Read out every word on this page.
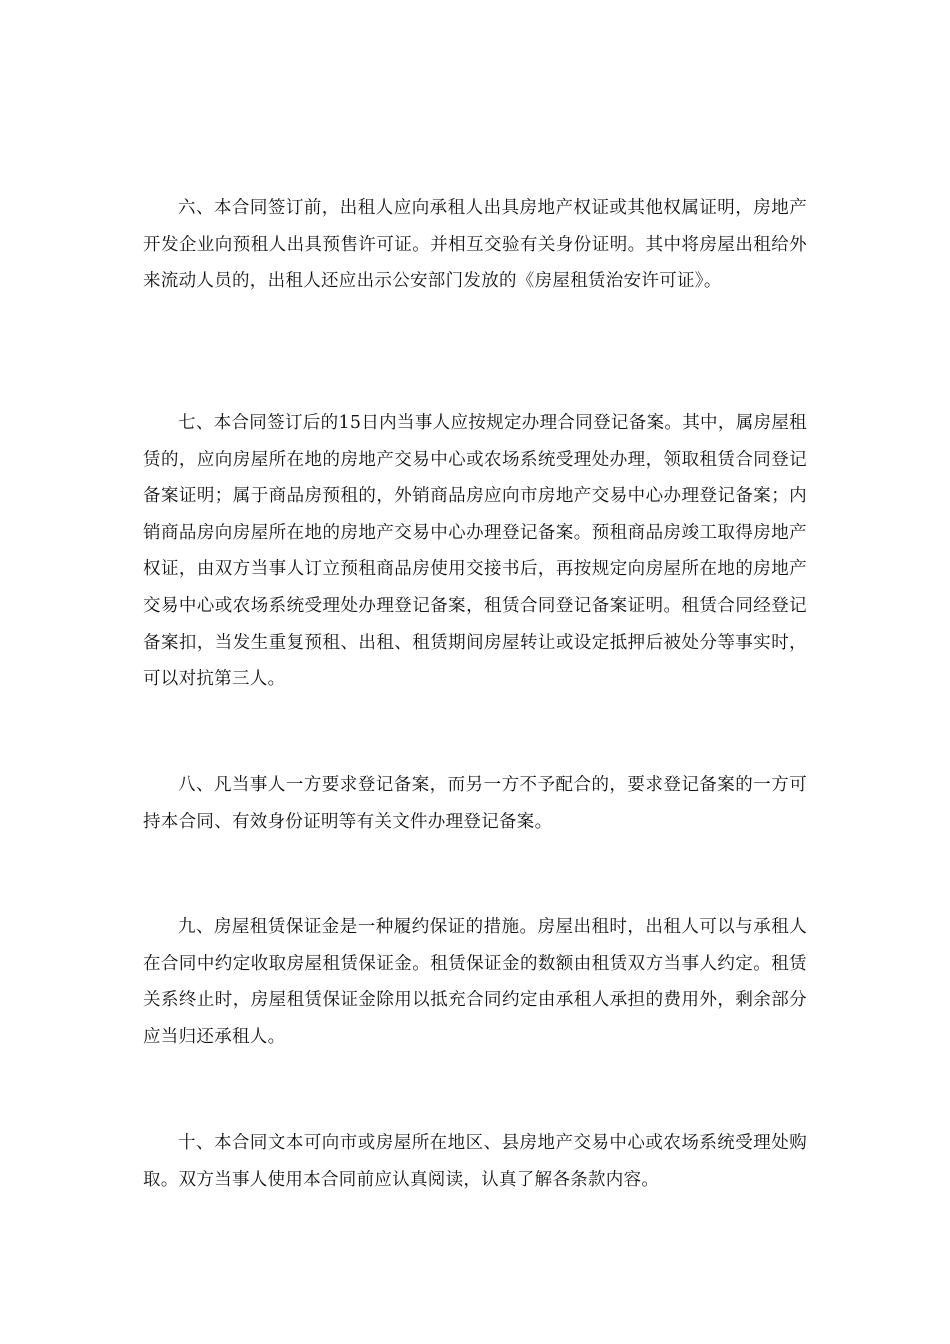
六、本合同签订前，出租人应向承租人出具房地产权证或其他权属证明，房地产开发企业向预租人出具预售许可证。并相互交验有关身份证明。其中将房屋出租给外来流动人员的，出租人还应出示公安部门发放的《房屋租赁治安许可证》。

七、本合同签订后的15日内当事人应按规定办理合同登记备案。其中，属房屋租赁的，应向房屋所在地的房地产交易中心或农场系统受理处办理，领取租赁合同登记备案证明；属于商品房预租的，外销商品房应向市房地产交易中心办理登记备案；内销商品房向房屋所在地的房地产交易中心办理登记备案。预租商品房竣工取得房地产权证，由双方当事人订立预租商品房使用交接书后，再按规定向房屋所在地的房地产交易中心或农场系统受理处办理登记备案，租赁合同登记备案证明。租赁合同经登记备案扣，当发生重复预租、出租、租赁期间房屋转让或设定抵押后被处分等事实时，可以对抗第三人。

八、凡当事人一方要求登记备案，而另一方不予配合的，要求登记备案的一方可持本合同、有效身份证明等有关文件办理登记备案。

九、房屋租赁保证金是一种履约保证的措施。房屋出租时，出租人可以与承租人在合同中约定收取房屋租赁保证金。租赁保证金的数额由租赁双方当事人约定。租赁关系终止时，房屋租赁保证金除用以抵充合同约定由承租人承担的费用外，剩余部分应当归还承租人。

十、本合同文本可向市或房屋所在地区、县房地产交易中心或农场系统受理处购取。双方当事人使用本合同前应认真阅读，认真了解各条款内容。
